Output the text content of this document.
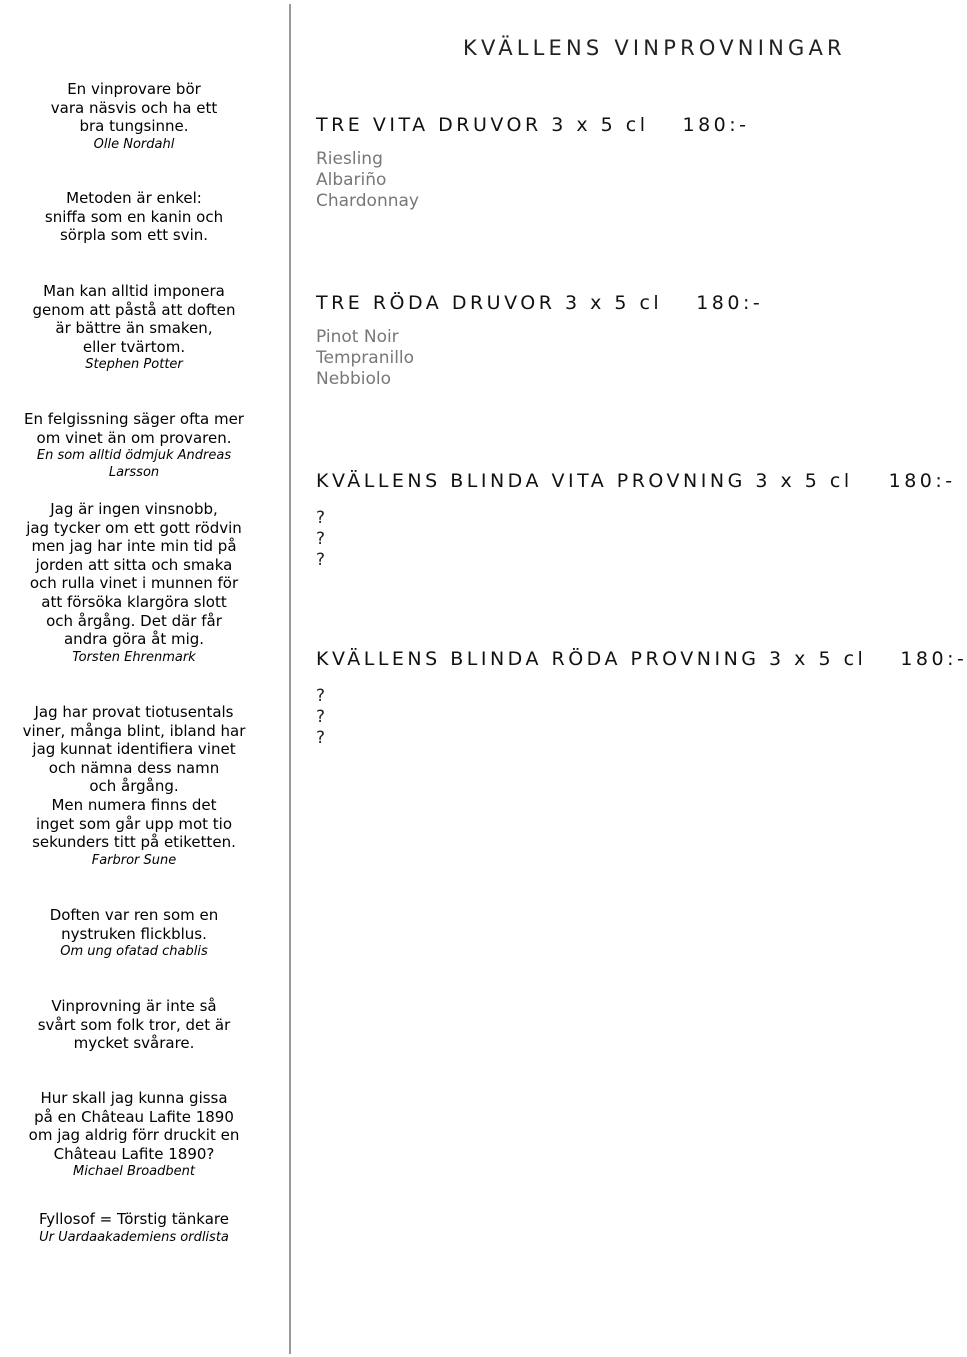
En vinprovare bör
vara näsvis och ha ett
bra tungsinne.
Olle Nordahl
Metoden är enkel:
sniffa som en kanin och
sörpla som ett svin.
Man kan alltid imponera
genom att påstå att doften
är bättre än smaken,
eller tvärtom.
Stephen Potter
En felgissning säger ofta mer
om vinet än om provaren.
En som alltid ödmjuk Andreas Larsson
Jag är ingen vinsnobb,
jag tycker om ett gott rödvin
men jag har inte min tid på
jorden att sitta och smaka
och rulla vinet i munnen för
att försöka klargöra slott
och årgång. Det där får
andra göra åt mig.
Torsten Ehrenmark
Jag har provat tiotusentals
viner, många blint, ibland har
jag kunnat identifiera vinet
och nämna dess namn
och årgång.
Men numera finns det
inget som går upp mot tio
sekunders titt på etiketten.
Farbror Sune
Doften var ren som en
nystruken flickblus.
Om ung ofatad chablis
Vinprovning är inte så
svårt som folk tror, det är
mycket svårare.
Hur skall jag kunna gissa
på en Château Lafite 1890
om jag aldrig förr druckit en
Château Lafite 1890?
Michael Broadbent
Fyllosof = Törstig tänkare
Ur Uardaakademiens ordlista
KVÄLLENS VINPROVNINGAR
TRE VITA DRUVOR 3 x 5 cl 180:-
Riesling
Albariño
Chardonnay
TRE RÖDA DRUVOR 3 x 5 cl 180:-
Pinot Noir
Tempranillo
Nebbiolo
KVÄLLENS BLINDA VITA PROVNING 3 x 5 cl 180:-
?
?
?
KVÄLLENS BLINDA RÖDA PROVNING 3 x 5 cl 180:-
?
?
?
